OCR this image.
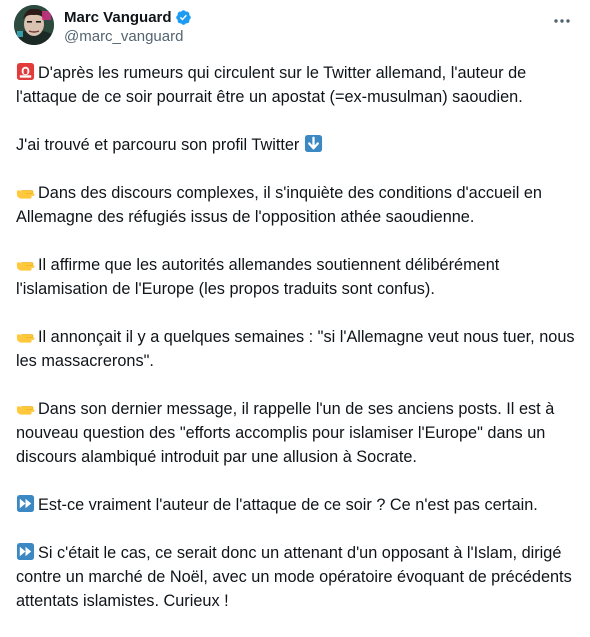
Marc Vanguard
@marc_vanguard

D'après les rumeurs qui circulent sur le Twitter allemand, l'auteur de l'attaque de ce soir pourrait être un apostat (=ex-musulman) saoudien.

J'ai trouvé et parcouru son profil Twitter

Dans des discours complexes, il s'inquiète des conditions d'accueil en Allemagne des réfugiés issus de l'opposition athée saoudienne.

Il affirme que les autorités allemandes soutiennent délibérément l'islamisation de l'Europe (les propos traduits sont confus).

Il annonçait il y a quelques semaines : "si l'Allemagne veut nous tuer, nous les massacrerons".

Dans son dernier message, il rappelle l'un de ses anciens posts. Il est à nouveau question des "efforts accomplis pour islamiser l'Europe" dans un discours alambiqué introduit par une allusion à Socrate.

Est-ce vraiment l'auteur de l'attaque de ce soir ? Ce n'est pas certain.

Si c'était le cas, ce serait donc un attenant d'un opposant à l'Islam, dirigé contre un marché de Noël, avec un mode opératoire évoquant de précédents attentats islamistes. Curieux !
